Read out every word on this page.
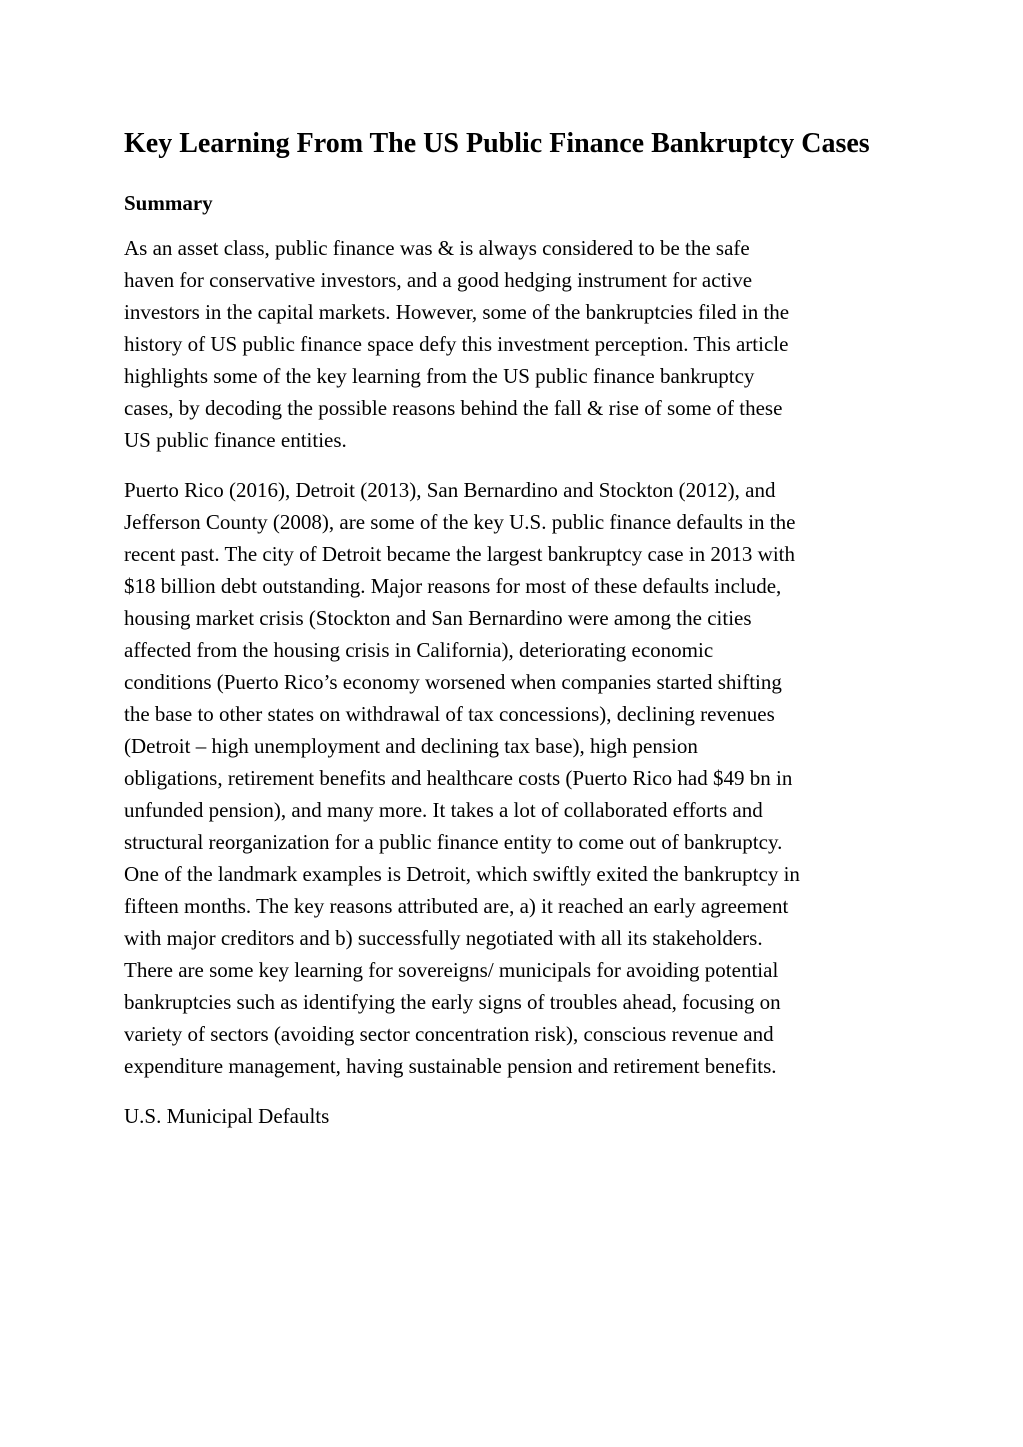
Key Learning From The US Public Finance Bankruptcy Cases
Summary

As an asset class, public finance was & is always considered to be the safe
haven for conservative investors, and a good hedging instrument for active
investors in the capital markets. However, some of the bankruptcies filed in the
history of US public finance space defy this investment perception. This article
highlights some of the key learning from the US public finance bankruptcy
cases, by decoding the possible reasons behind the fall & rise of some of these
US public finance entities.

Puerto Rico (2016), Detroit (2013), San Bernardino and Stockton (2012), and
Jefferson County (2008), are some of the key U.S. public finance defaults in the
recent past. The city of Detroit became the largest bankruptcy case in 2013 with
$18 billion debt outstanding. Major reasons for most of these defaults include,
housing market crisis (Stockton and San Bernardino were among the cities
affected from the housing crisis in California), deteriorating economic
conditions (Puerto Rico’s economy worsened when companies started shifting
the base to other states on withdrawal of tax concessions), declining revenues
(Detroit – high unemployment and declining tax base), high pension
obligations, retirement benefits and healthcare costs (Puerto Rico had $49 bn in
unfunded pension), and many more. It takes a lot of collaborated efforts and
structural reorganization for a public finance entity to come out of bankruptcy.
One of the landmark examples is Detroit, which swiftly exited the bankruptcy in
fifteen months. The key reasons attributed are, a) it reached an early agreement
with major creditors and b) successfully negotiated with all its stakeholders.
There are some key learning for sovereigns/ municipals for avoiding potential
bankruptcies such as identifying the early signs of troubles ahead, focusing on
variety of sectors (avoiding sector concentration risk), conscious revenue and
expenditure management, having sustainable pension and retirement benefits.

U.S. Municipal Defaults
